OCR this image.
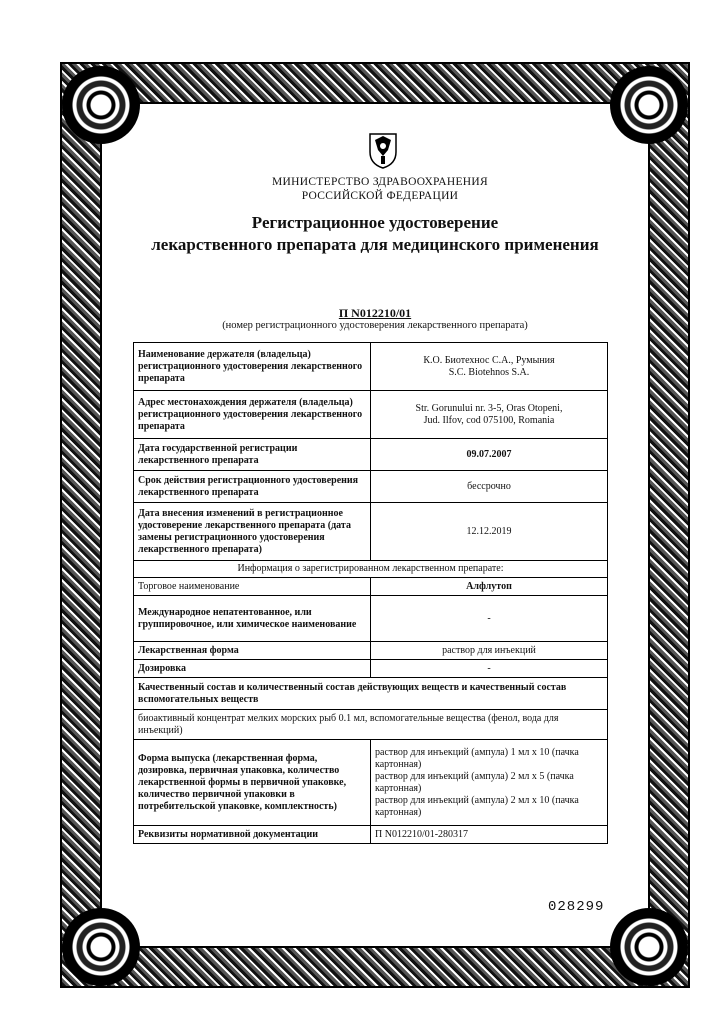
МИНИСТЕРСТВО ЗДРАВООХРАНЕНИЯ
РОССИЙСКОЙ ФЕДЕРАЦИИ
Регистрационное удостоверение
лекарственного препарата для медицинского применения
П N012210/01
(номер регистрационного удостоверения лекарственного препарата)
Наименование держателя (владельца) регистрационного удостоверения лекарственного препарата	К.О. Биотехнос С.А., Румыния
S.C. Biotehnos S.A.

Адрес местонахождения держателя (владельца) регистрационного удостоверения лекарственного препарата	Str. Gorunului nr. 3-5, Oras Otopeni,
Jud. Ilfov, cod 075100, Romania

Дата государственной регистрации лекарственного препарата	09.07.2007
Срок действия регистрационного удостоверения лекарственного препарата	бессрочно
Дата внесения изменений в регистрационное удостоверение лекарственного препарата (дата замены регистрационного удостоверения лекарственного препарата)	12.12.2019
Информация о зарегистрированном лекарственном препарате:	
Торговое наименование	Алфлутоп
Международное непатентованное, или группировочное, или химическое наименование	-
Лекарственная форма	раствор для инъекций
Дозировка	-
Качественный состав и количественный состав действующих веществ и качественный состав вспомогательных веществ	
биоактивный концентрат мелких морских рыб 0.1 мл, вспомогательные вещества (фенол, вода для инъекций)	
Форма выпуска (лекарственная форма, дозировка, первичная упаковка, количество лекарственной формы в первичной упаковке, количество первичной упаковки в потребительской упаковке, комплектность)	раствор для инъекций (ампула) 1 мл х 10 (пачка картонная)
раствор для инъекций (ампула) 2 мл х 5 (пачка картонная)
раствор для инъекций (ампула) 2 мл х 10 (пачка картонная)

Реквизиты нормативной документации	П N012210/01-280317
028299
